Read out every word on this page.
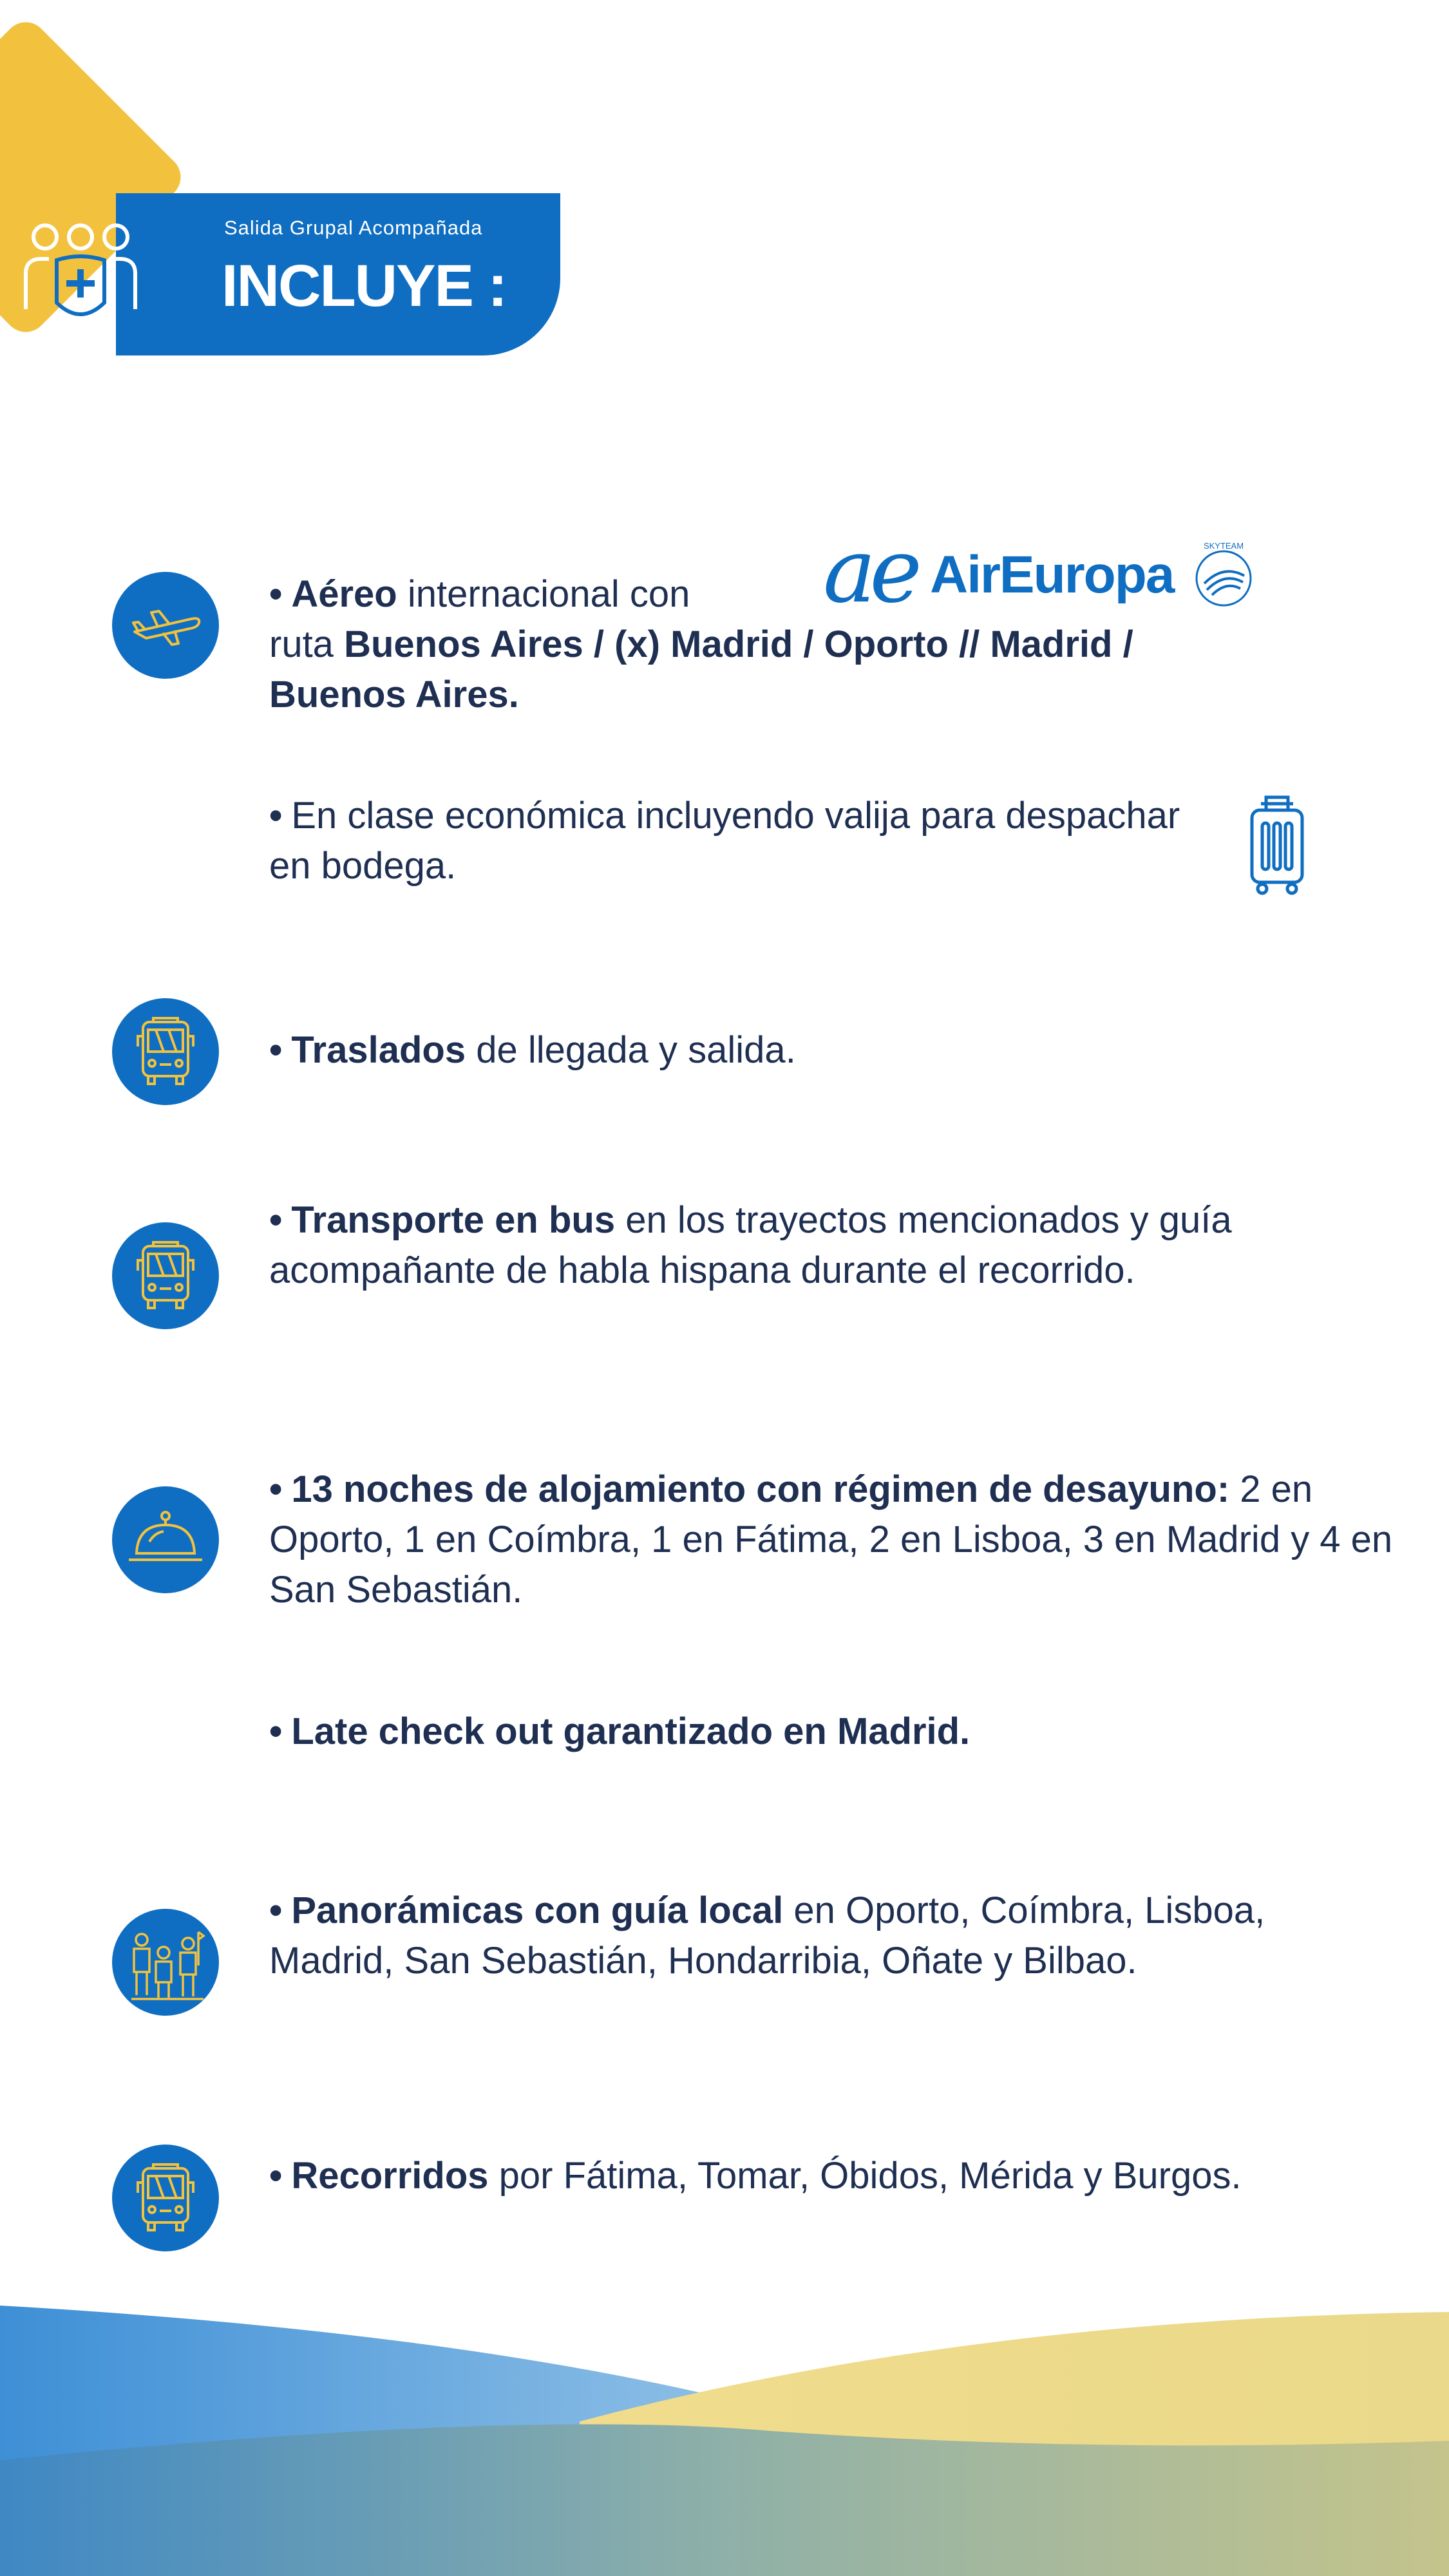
Salida Grupal Acompañada
INCLUYE :
ae AirEuropa	SKYTEAM
• Aéreo internacional con
ruta Buenos Aires / (x) Madrid / Oporto // Madrid / Buenos Aires.
• En clase económica incluyendo valija para despachar en bodega.
• Traslados de llegada y salida.
• Transporte en bus en los trayectos mencionados y guía acompañante de habla hispana durante el recorrido.
• 13 noches de alojamiento con régimen de desayuno: 2 en Oporto, 1 en Coímbra, 1 en Fátima, 2 en Lisboa, 3 en Madrid y 4 en San Sebastián.
• Late check out garantizado en Madrid.
• Panorámicas con guía local en Oporto, Coímbra, Lisboa, Madrid, San Sebastián, Hondarribia, Oñate y Bilbao.
• Recorridos por Fátima, Tomar, Óbidos, Mérida y Burgos.
